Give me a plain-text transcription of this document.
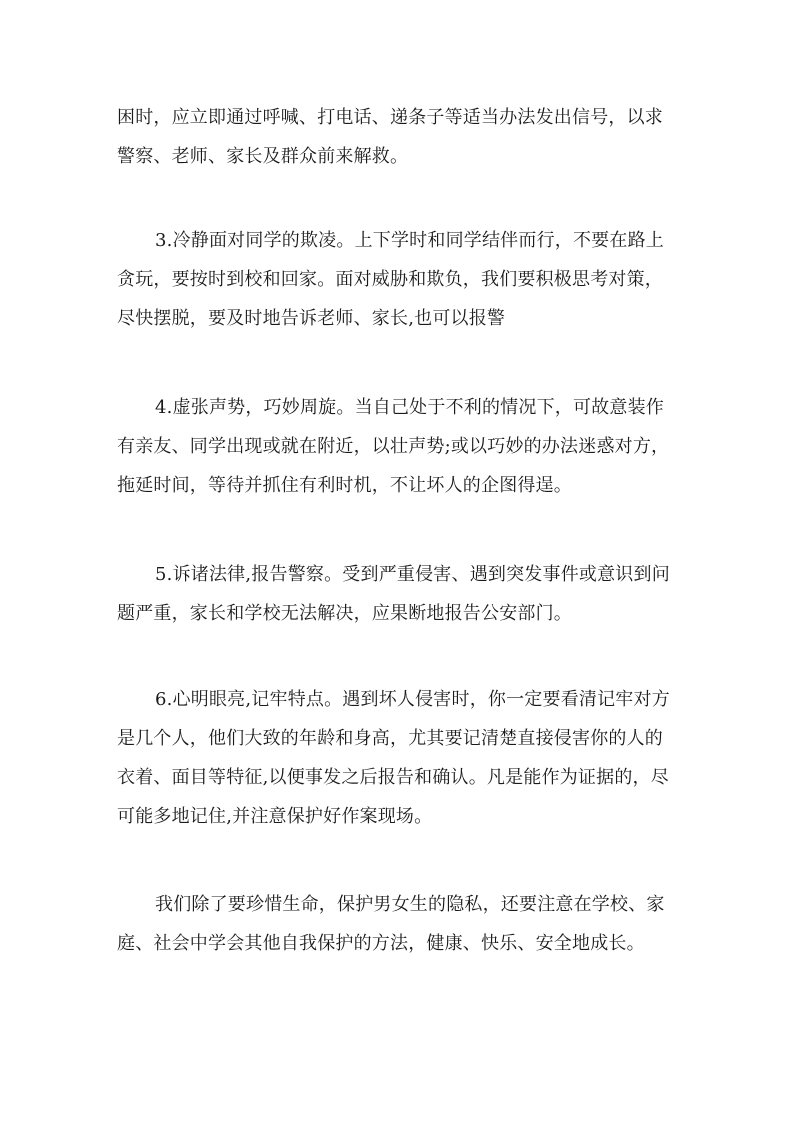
困时，应立即通过呼喊、打电话、递条子等适当办法发出信号，以求
警察、老师、家长及群众前来解救。
3.冷静面对同学的欺凌。上下学时和同学结伴而行，不要在路上
贪玩，要按时到校和回家。面对威胁和欺负，我们要积极思考对策，
尽快摆脱，要及时地告诉老师、家长,也可以报警
4.虚张声势，巧妙周旋。当自己处于不利的情况下，可故意装作
有亲友、同学出现或就在附近，以壮声势;或以巧妙的办法迷惑对方，
拖延时间，等待并抓住有利时机，不让坏人的企图得逞。
5.诉诸法律,报告警察。受到严重侵害、遇到突发事件或意识到问
题严重，家长和学校无法解决，应果断地报告公安部门。
6.心明眼亮,记牢特点。遇到坏人侵害时，你一定要看清记牢对方
是几个人，他们大致的年龄和身高，尤其要记清楚直接侵害你的人的
衣着、面目等特征,以便事发之后报告和确认。凡是能作为证据的，尽
可能多地记住,并注意保护好作案现场。
我们除了要珍惜生命，保护男女生的隐私，还要注意在学校、家
庭、社会中学会其他自我保护的方法，健康、快乐、安全地成长。
